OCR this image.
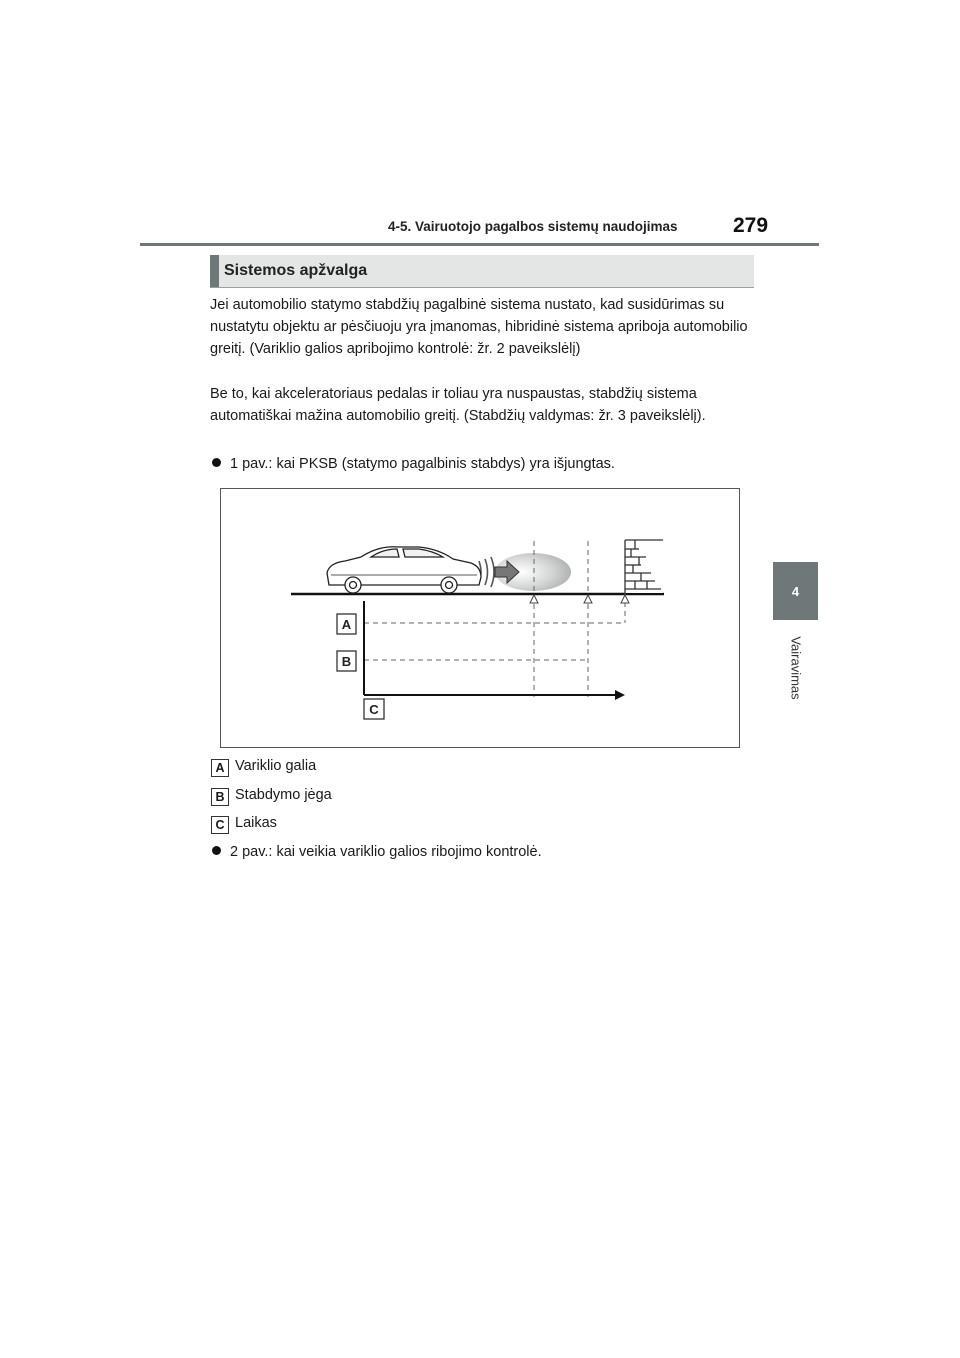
4-5. Vairuotojo pagalbos sistemų naudojimas	279
4
Vairavimas
Sistemos apžvalga

Jei automobilio statymo stabdžių pagalbinė sistema nustato, kad susidūrimas su nustatytu objektu ar pėsčiuoju yra įmanomas, hibridinė sistema apriboja automobilio greitį. (Variklio galios apribojimo kontrolė: žr. 2 paveikslėlį)

Be to, kai akceleratoriaus pedalas ir toliau yra nuspaustas, stabdžių sistema automatiškai mažina automobilio greitį. (Stabdžių valdymas: žr. 3 paveikslėlį).

1 pav.: kai PKSB (statymo pagalbinis stabdys) yra išjungtas.
A
B
C
A Variklio galia
B Stabdymo jėga
C Laikas
2 pav.: kai veikia variklio galios ribojimo kontrolė.
